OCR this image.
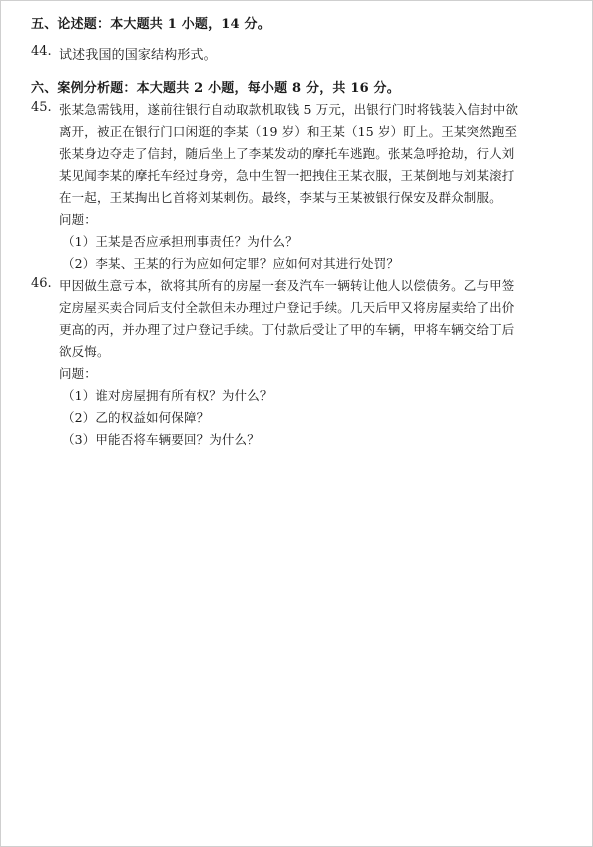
五、论述题：本大题共 1 小题，14 分。
44. 试述我国的国家结构形式。
六、案例分析题：本大题共 2 小题，每小题 8 分，共 16 分。
45. 张某急需钱用，遂前往银行自动取款机取钱 5 万元，出银行门时将钱装入信封中欲
离开，被正在银行门口闲逛的李某（19 岁）和王某（15 岁）盯上。王某突然跑至
张某身边夺走了信封，随后坐上了李某发动的摩托车逃跑。张某急呼抢劫，行人刘
某见闻李某的摩托车经过身旁，急中生智一把拽住王某衣服，王某倒地与刘某滚打
在一起，王某掏出匕首将刘某刺伤。最终，李某与王某被银行保安及群众制服。
问题：
（1）王某是否应承担刑事责任？为什么？
（2）李某、王某的行为应如何定罪？应如何对其进行处罚？
46. 甲因做生意亏本，欲将其所有的房屋一套及汽车一辆转让他人以偿债务。乙与甲签
定房屋买卖合同后支付全款但未办理过户登记手续。几天后甲又将房屋卖给了出价
更高的丙，并办理了过户登记手续。丁付款后受让了甲的车辆，甲将车辆交给丁后
欲反悔。
问题：
（1）谁对房屋拥有所有权？为什么？
（2）乙的权益如何保障？
（3）甲能否将车辆要回？为什么？
